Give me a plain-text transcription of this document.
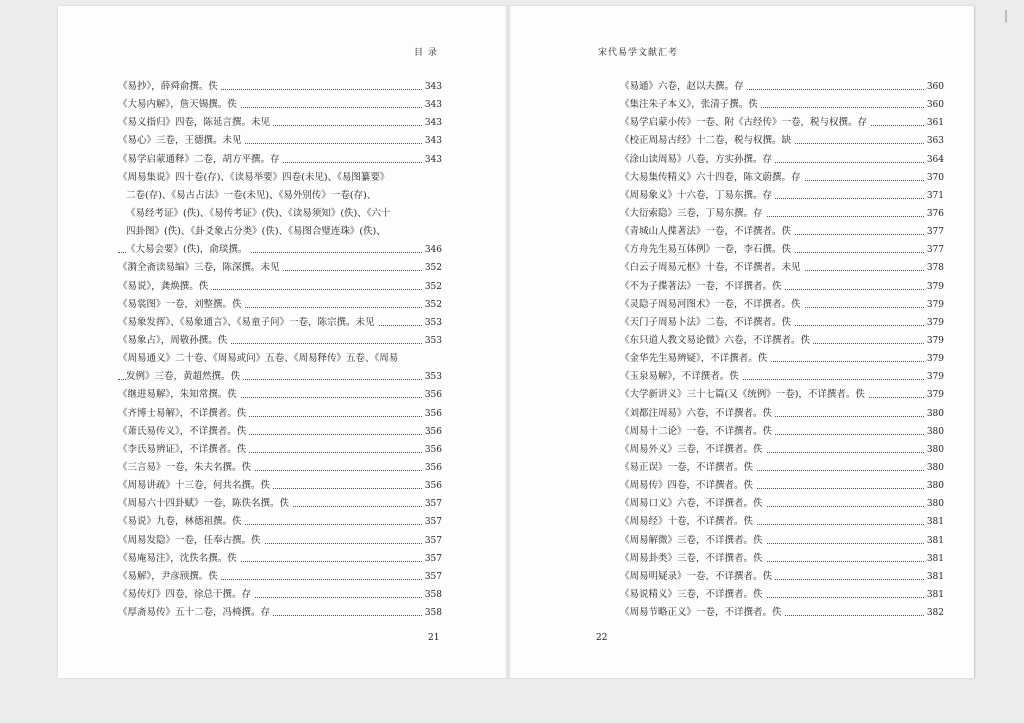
|
目 录	宋代易学文献汇考
《易抄》，薛舜俞撰。佚	343
《大易内解》，詹天锡撰。佚	343
《易义指归》四卷，陈延言撰。未见	343
《易心》三卷，王德撰。未见	343
《易学启蒙通释》二卷，胡方平撰。存	343
《周易集说》四十卷(存)、《读易举要》四卷(未见)、《易图纂要》
二卷(存)、《易古占法》一卷(未见)、《易外别传》一卷(存)、
《易经考证》(佚)、《易传考证》(佚)、《读易须知》(佚)、《六十
四卦图》(佚)、《卦爻象占分类》(佚)、《易图合璧连珠》(佚)、
《大易会要》(佚)，俞琰撰。	346
《漪全斋读易编》三卷，陈深撰。未见	352
《易说》，龚焕撰。佚	352
《易裳图》一卷，刘整撰。佚	352
《易象发挥》、《易象通言》、《易童子问》一卷，陈宗撰。未见	353
《易象占》，周敬孙撰。佚	353
《周易通义》二十卷、《周易或问》五卷、《周易释传》五卷、《周易
发例》三卷，黄超然撰。佚	353
《继进易解》，朱知常撰。佚	356
《齐博士易解》，不详撰者。佚	356
《萧氏易传义》，不详撰者。佚	356
《李氏易辨证》，不详撰者。佚	356
《三言易》一卷，朱夫名撰。佚	356
《周易讲疏》十三卷，何共名撰。佚	356
《周易六十四卦赋》一卷，陈佚名撰。佚	357
《易说》九卷，林德祖撰。佚	357
《周易发隐》一卷，任奉古撰。佚	357
《易庵易注》，沈佚名撰。佚	357
《易解》，尹彦颀撰。佚	357
《易传灯》四卷，徐总干撰。存	358
《厚斋易传》五十二卷，冯椅撰。存	358
《易通》六卷，赵以夫撰。存	360
《集注朱子本义》，张清子撰。佚	360
《易学启蒙小传》一卷、附《古经传》一卷，税与权撰。存	361
《校正周易古经》十二卷，税与权撰。缺	363
《涂山读周易》八卷，方实孙撰。存	364
《大易集传精义》六十四卷，陈文蔚撰。存	370
《周易象义》十六卷，丁易东撰。存	371
《大衍索隐》三卷，丁易东撰。存	376
《青城山人揲著法》一卷，不详撰者。佚	377
《方舟先生易互体例》一卷，李石撰。佚	377
《白云子周易元枢》十卷，不详撰者。未见	378
《不为子揲著法》一卷，不详撰者。佚	379
《灵隐子周易河图术》一卷，不详撰者。佚	379
《天门子周易卜法》二卷，不详撰者。佚	379
《东只道人教文易论微》六卷，不详撰者。佚	379
《金华先生易辨疑》，不详撰者。佚	379
《玉泉易解》，不详撰者。佚	379
《大学新讲义》三十七篇(又《统例》一卷)，不详撰者。佚	379
《刘都注周易》六卷，不详撰者。佚	380
《周易十二论》一卷，不详撰者。佚	380
《周易外义》三卷，不详撰者。佚	380
《易正误》一卷，不详撰者。佚	380
《周易传》四卷，不详撰者。佚	380
《周易口义》六卷，不详撰者。佚	380
《周易经》十卷，不详撰者。佚	381
《周易解微》三卷，不详撰者。佚	381
《周易卦类》三卷，不详撰者。佚	381
《周易明疑录》一卷，不详撰者。佚	381
《易说精义》三卷，不详撰者。佚	381
《周易节略正义》一卷，不详撰者。佚	382
21	22
